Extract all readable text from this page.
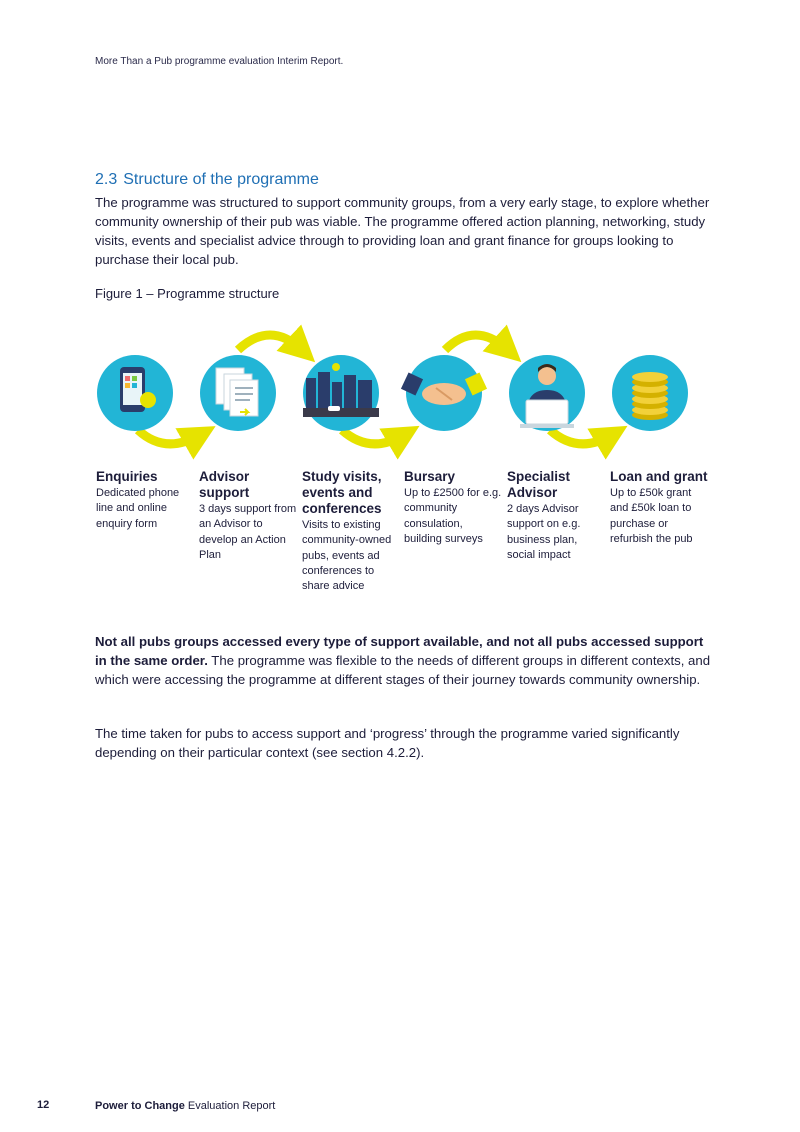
More Than a Pub programme evaluation Interim Report.
2.3 Structure of the programme

The programme was structured to support community groups, from a very early stage, to explore whether community ownership of their pub was viable. The programme offered action planning, networking, study visits, events and specialist advice through to providing loan and grant finance for groups looking to purchase their local pub.

Figure 1 – Programme structure

Enquiries
Dedicated phone line and online enquiry form
Advisor support
3 days support from an Advisor to develop an Action Plan
Study visits, events and conferences
Visits to existing community-owned pubs, events ad conferences to share advice
Bursary
Up to £2500 for e.g. community consulation, building surveys
Specialist Advisor
2 days Advisor support on e.g. business plan, social impact
Loan and grant
Up to £50k grant and £50k loan to purchase or refurbish the pub

Not all pubs groups accessed every type of support available, and not all pubs accessed support in the same order. The programme was flexible to the needs of different groups in different contexts, and which were accessing the programme at different stages of their journey towards community ownership.

The time taken for pubs to access support and ‘progress’ through the programme varied significantly depending on their particular context (see section 4.2.2).

12	Power to Change Evaluation Report
